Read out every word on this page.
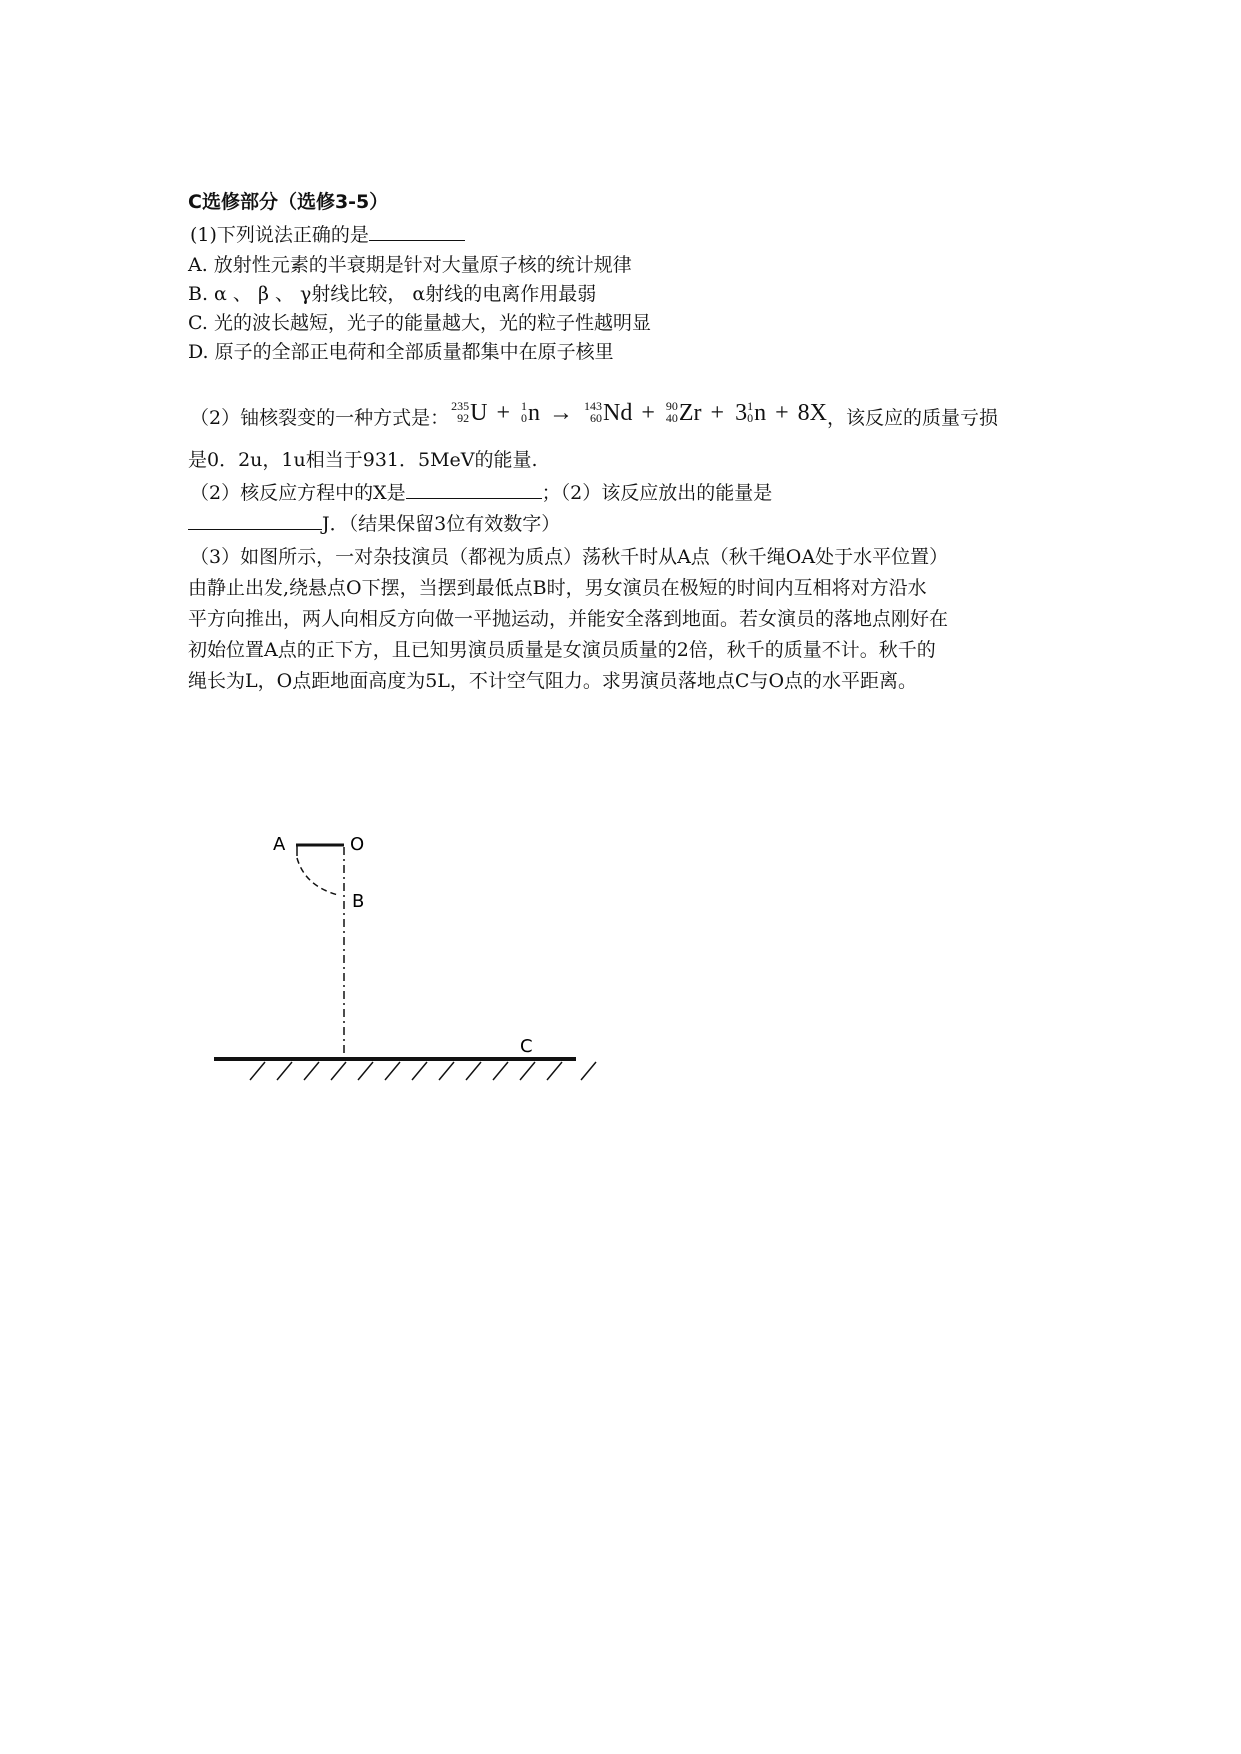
C选修部分（选修3-5）
(1)下列说法正确的是
A. 放射性元素的半衰期是针对大量原子核的统计规律
B. α 、 β 、 γ射线比较， α射线的电离作用最弱
C. 光的波长越短，光子的能量越大，光的粒子性越明显
D. 原子的全部正电荷和全部质量都集中在原子核里
（2）铀核裂变的一种方式是：
235
92 U + 1
0 n → 143
60 Nd + 90
40 Zr + 3 1
0 n + 8X，该反应的质量亏损
是0．2u，1u相当于931．5MeV的能量.
（2）核反应方程中的X是	；（2）该反应放出的能量是
J．（结果保留3位有效数字）
（3）如图所示，一对杂技演员（都视为质点）荡秋千时从A点（秋千绳OA处于水平位置）
由静止出发,绕悬点O下摆，当摆到最低点B时，男女演员在极短的时间内互相将对方沿水
平方向推出，两人向相反方向做一平抛运动，并能安全落到地面。若女演员的落地点刚好在
初始位置A点的正下方，且已知男演员质量是女演员质量的2倍，秋千的质量不计。秋千的
绳长为L，O点距地面高度为5L，不计空气阻力。求男演员落地点C与O点的水平距离。
A	O
B
C
